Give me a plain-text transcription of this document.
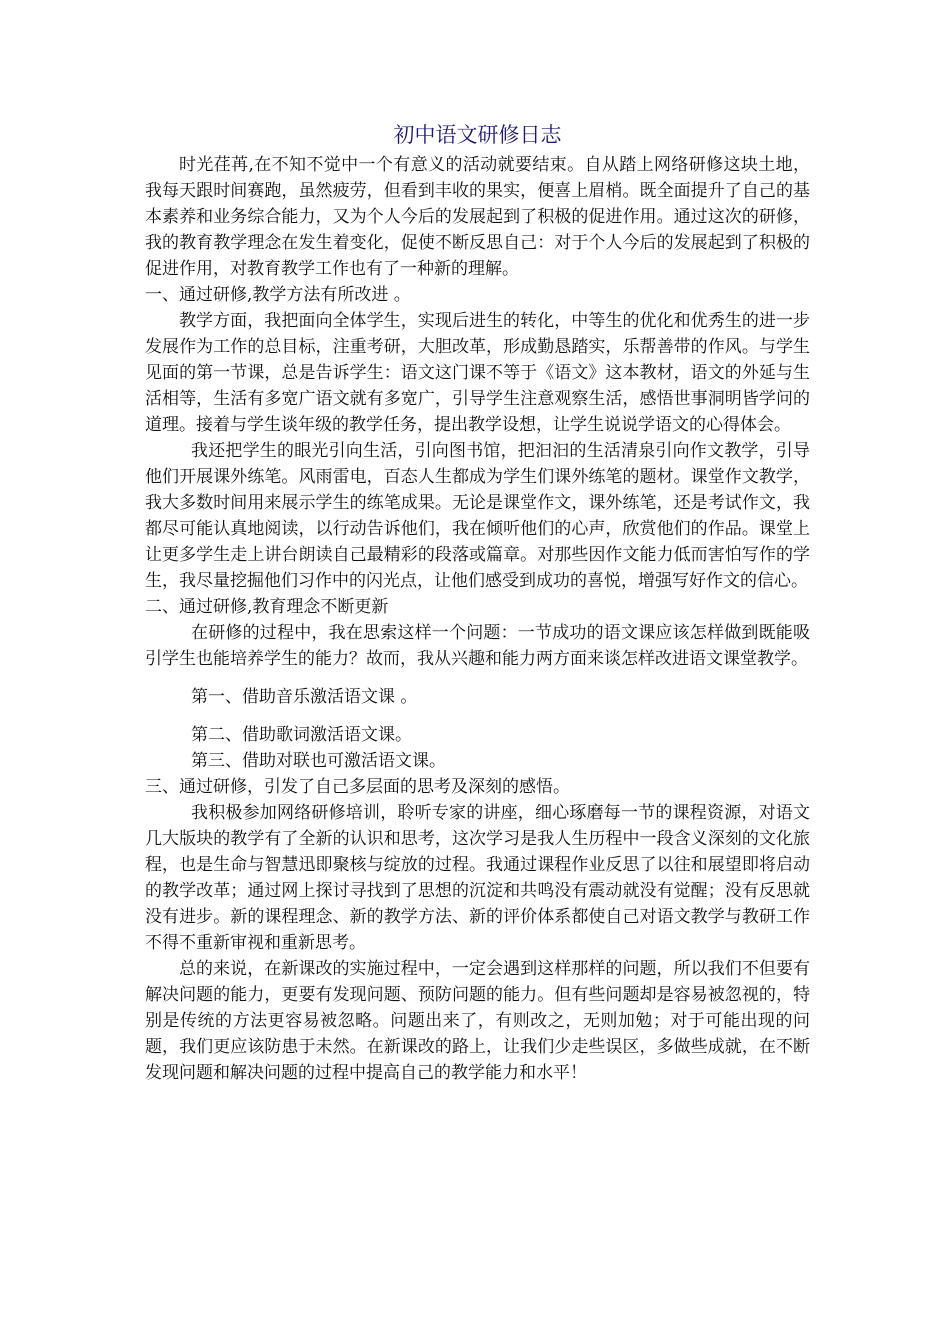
初中语文研修日志

时光荏苒,在不知不觉中一个有意义的活动就要结束。自从踏上网络研修这块土地，我每天跟时间赛跑，虽然疲劳，但看到丰收的果实，便喜上眉梢。既全面提升了自己的基本素养和业务综合能力，又为个人今后的发展起到了积极的促进作用。通过这次的研修，我的教育教学理念在发生着变化，促使不断反思自己：对于个人今后的发展起到了积极的促进作用，对教育教学工作也有了一种新的理解。

一、通过研修,教学方法有所改进 。

教学方面，我把面向全体学生，实现后进生的转化，中等生的优化和优秀生的进一步发展作为工作的总目标，注重考研，大胆改革，形成勤恳踏实，乐帮善带的作风。与学生见面的第一节课，总是告诉学生：语文这门课不等于《语文》这本教材，语文的外延与生活相等，生活有多宽广语文就有多宽广，引导学生注意观察生活，感悟世事洞明皆学问的道理。接着与学生谈年级的教学任务，提出教学设想，让学生说说学语文的心得体会。

我还把学生的眼光引向生活，引向图书馆，把汩汩的生活清泉引向作文教学，引导他们开展课外练笔。风雨雷电，百态人生都成为学生们课外练笔的题材。课堂作文教学，我大多数时间用来展示学生的练笔成果。无论是课堂作文，课外练笔，还是考试作文，我都尽可能认真地阅读，以行动告诉他们，我在倾听他们的心声，欣赏他们的作品。课堂上让更多学生走上讲台朗读自己最精彩的段落或篇章。对那些因作文能力低而害怕写作的学生，我尽量挖掘他们习作中的闪光点，让他们感受到成功的喜悦，增强写好作文的信心。

二、通过研修,教育理念不断更新

在研修的过程中，我在思索这样一个问题：一节成功的语文课应该怎样做到既能吸引学生也能培养学生的能力？故而，我从兴趣和能力两方面来谈怎样改进语文课堂教学。

第一、借助音乐激活语文课 。

第二、借助歌词激活语文课。

第三、借助对联也可激活语文课。

三、通过研修，引发了自己多层面的思考及深刻的感悟。

我积极参加网络研修培训，聆听专家的讲座，细心琢磨每一节的课程资源，对语文几大版块的教学有了全新的认识和思考，这次学习是我人生历程中一段含义深刻的文化旅程，也是生命与智慧迅即聚核与绽放的过程。我通过课程作业反思了以往和展望即将启动的教学改革；通过网上探讨寻找到了思想的沉淀和共鸣没有震动就没有觉醒；没有反思就没有进步。新的课程理念、新的教学方法、新的评价体系都使自己对语文教学与教研工作不得不重新审视和重新思考。

总的来说，在新课改的实施过程中，一定会遇到这样那样的问题，所以我们不但要有解决问题的能力，更要有发现问题、预防问题的能力。但有些问题却是容易被忽视的，特别是传统的方法更容易被忽略。问题出来了，有则改之，无则加勉；对于可能出现的问题，我们更应该防患于未然。在新课改的路上，让我们少走些误区，多做些成就，在不断发现问题和解决问题的过程中提高自己的教学能力和水平！
